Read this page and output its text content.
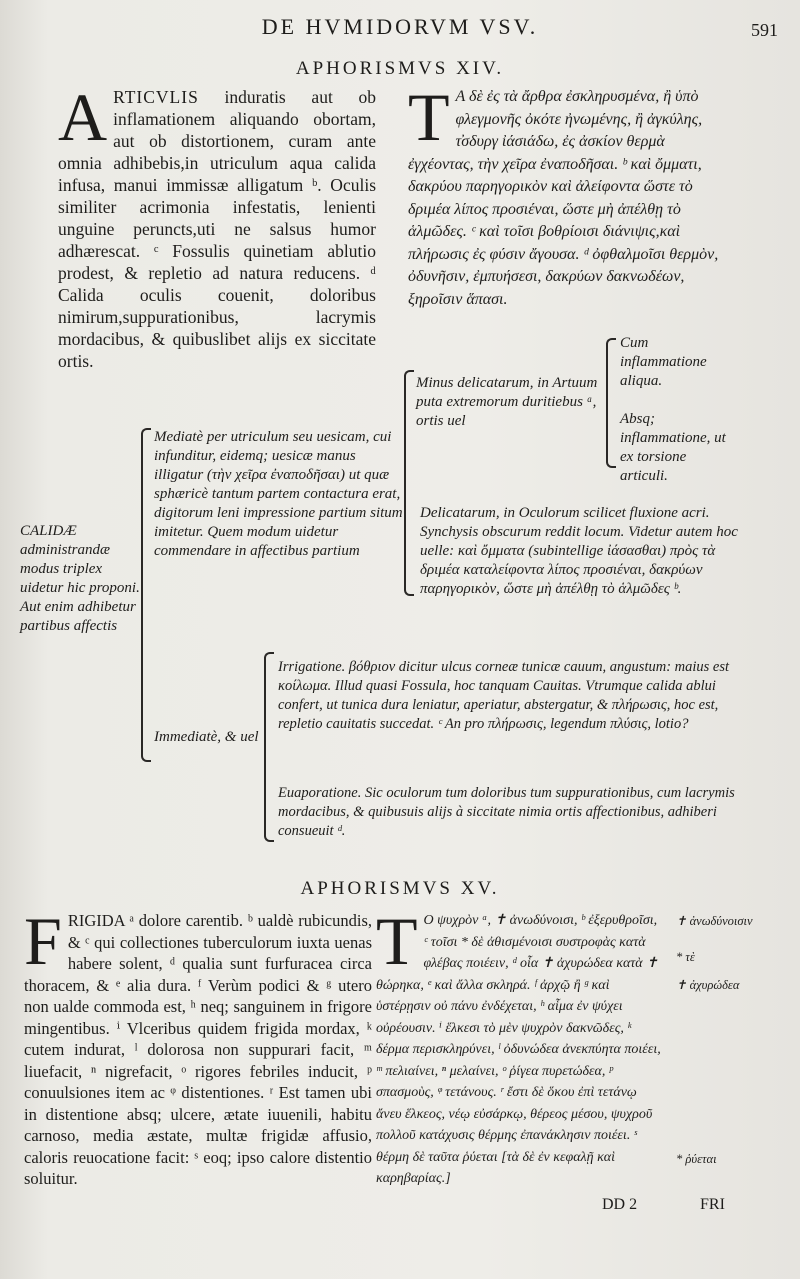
DE HVMIDORVM VSV.	591
APHORISMVS XIV.
A RTICVLIS induratis aut ob inflamationem aliquando obortam, aut ob distortionem, curam ante omnia adhibebis,in utriculum aqua calida infusa, manui immissæ alligatum ᵇ. Oculis similiter acrimonia infestatis, lenienti unguine peruncts,uti ne salsus humor adhærescat. ᶜ Fossulis quinetiam ablutio prodest, & repletio ad natura reducens. ᵈ Calida oculis couenit, doloribus nimirum,suppurationibus, lacrymis mordacibus, & quibuslibet alijs ex siccitate ortis.
Τ Α δὲ ἐς τὰ ἄρθρα ἐσκληρυσμένα, ἢ ὑπὸ φλεγμονῆς ὀκότε ἠνωμένης, ἢ ἀγκύλης, τ̓σδυργ ἰάσιάδω, ἐς ἀσκίον θερμὰ ἐγχέοντας, τὴν χεῖρα ἐναποδῆσαι. ᵇ καὶ ὄμματι, δακρύου παρηγορικὸν καὶ ἀλείφοντα ὥστε τὸ δριμέα λίπος προσιέναι, ὥστε μὴ ἀπέλθῃ τὸ ἁλμῶδες. ᶜ καὶ τοῖσι βοθρίοισι διάνιψις,καὶ πλήρωσις ἐς φύσιν ἄγουσα. ᵈ ὀφθαλμοῖσι θερμὸν, ὀδυνῆσιν, ἐμπυήσεσι, δακρύων δακνωδέων, ξηροῖσιν ἅπασι.
CALIDÆ administrandæ modus triplex uidetur hic proponi. Aut enim adhibetur partibus affectis
Mediatè per utriculum seu uesicam, cui infunditur, eidemq; uesicæ manus illigatur (τὴν χεῖρα ἐναποδῆσαι) ut quæ sphæricè tantum partem contactura erat, digitorum leni impressione partium situm imitetur. Quem modum uidetur commendare in affectibus partium
Minus delicatarum, in Artuum puta extremorum duritiebus ᵃ, ortis uel
Cum inflammatione aliqua.
Absq; inflammatione, ut ex torsione articuli.
Delicatarum, in Oculorum scilicet fluxione acri. Synchysis obscurum reddit locum. Videtur autem hoc uelle: καὶ ὄμματα (subintellige ἰάσασθαι) πρὸς τὰ δριμέα καταλείφοντα λίπος προσιέναι, δακρύων παρηγορικὸν, ὥστε μὴ ἀπέλθῃ τὸ ἁλμῶδες ᵇ.
Immediatè, & uel
Irrigatione. βόθριον dicitur ulcus corneæ tunicæ cauum, angustum: maius est κοίλωμα. Illud quasi Fossula, hoc tanquam Cauitas. Vtrumque calida ablui confert, ut tunica dura leniatur, aperiatur, abstergatur, & πλήρωσις, hoc est, repletio cauitatis succedat. ᶜ An pro πλήρωσις, legendum πλύσις, lotio?
Euaporatione. Sic oculorum tum doloribus tum suppurationibus, cum lacrymis mordacibus, & quibusuis alijs à siccitate nimia ortis affectionibus, adhiberi consueuit ᵈ.
APHORISMVS XV.
F RIGIDA ᵃ dolore carentib. ᵇ ualdè rubicundis, & ᶜ qui collectiones tuberculorum iuxta uenas habere solent, ᵈ qualia sunt furfuracea circa thoracem, & ᵉ alia dura. ᶠ Verùm podici & ᵍ utero non ualde commoda est, ʰ neq; sanguinem in frigore mingentibus. ⁱ Vlceribus quidem frigida mordax, ᵏ cutem indurat, ˡ dolorosa non suppurari facit, ᵐ liuefacit, ⁿ nigrefacit, ᵒ rigores febriles inducit, ᵖ conuulsiones item ac ᵠ distentiones. ʳ Est tamen ubi in distentione absq; ulcere, ætate iuuenili, habitu carnoso, media æstate, multæ frigidæ affusio, caloris reuocatione facit: ˢ eoq; ipso calore distentio soluitur.
Τ Ο ψυχρὸν ᵃ, ✝ ἀνωδύνοισι, ᵇ ἐξερυθροῖσι, ᶜ τοῖσι * δὲ ἀθισμένοισι συστροφὰς κατὰ φλέβας ποιέειν, ᵈ οἷα ✝ ἀχυρώδεα κατὰ ✝ θώρηκα, ᵉ καὶ ἄλλα σκληρά. ᶠ ἀρχῷ ἢ ᵍ καὶ ὑστέρῃσιν οὐ πάνυ ἐνδέχεται, ʰ αἷμα ἐν ψύχει οὐρέουσιν. ⁱ ἕλκεσι τὸ μὲν ψυχρὸν δακνῶδες, ᵏ δέρμα περισκληρύνει, ˡ ὀδυνώδεα ἀνεκπύητα ποιέει, ᵐ πελιαίνει, ⁿ μελαίνει, ᵒ ῥίγεα πυρετώδεα, ᵖ σπασμοὺς, ᵠ τετάνους. ʳ ἔστι δὲ ὅκου ἐπὶ τετάνῳ ἄνευ ἕλκεος, νέῳ εὐσάρκῳ, θέρεος μέσου, ψυχροῦ πολλοῦ κατάχυσις θέρμης ἐπανάκλησιν ποιέει. ˢ θέρμη δὲ ταῦτα ῥύεται [τὰ δὲ ἐν κεφαλῇ καὶ καρηβαρίας.]
✝ ἀνωδύνοισιν
* τὲ
✝ ἀχυρώδεα
* ῥύεται
DD 2	FRI
